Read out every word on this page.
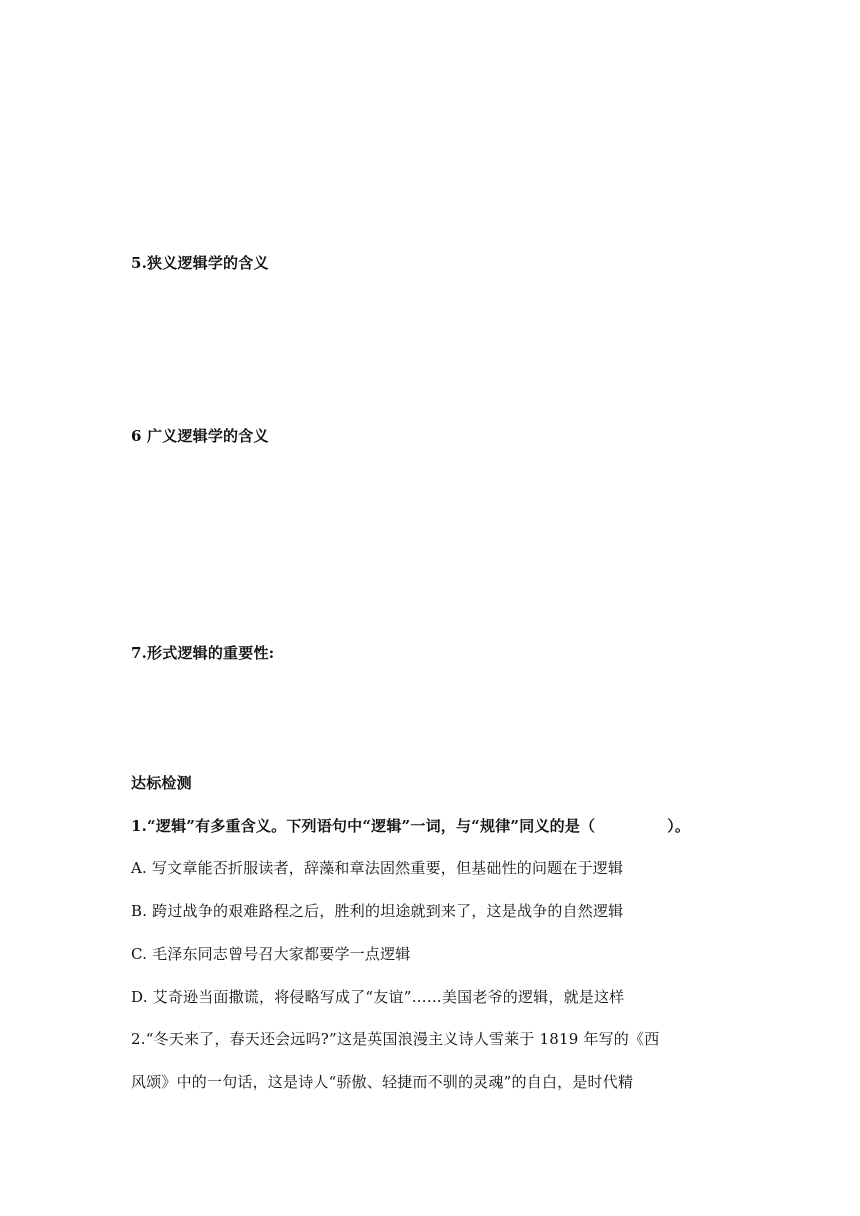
5.狭义逻辑学的含义
6 广义逻辑学的含义
7.形式逻辑的重要性:
达标检测
1.“逻辑”有多重含义。下列语句中“逻辑”一词，与“规律”同义的是（	）。
A. 写文章能否折服读者，辞藻和章法固然重要，但基础性的问题在于逻辑
B. 跨过战争的艰难路程之后，胜利的坦途就到来了，这是战争的自然逻辑
C. 毛泽东同志曾号召大家都要学一点逻辑
D. 艾奇逊当面撒谎，将侵略写成了“友谊”……美国老爷的逻辑，就是这样
2.“冬天来了，春天还会远吗?”这是英国浪漫主义诗人雪莱于 1819 年写的《西
风颂》中的一句话，这是诗人“骄傲、轻捷而不驯的灵魂”的自白，是时代精
